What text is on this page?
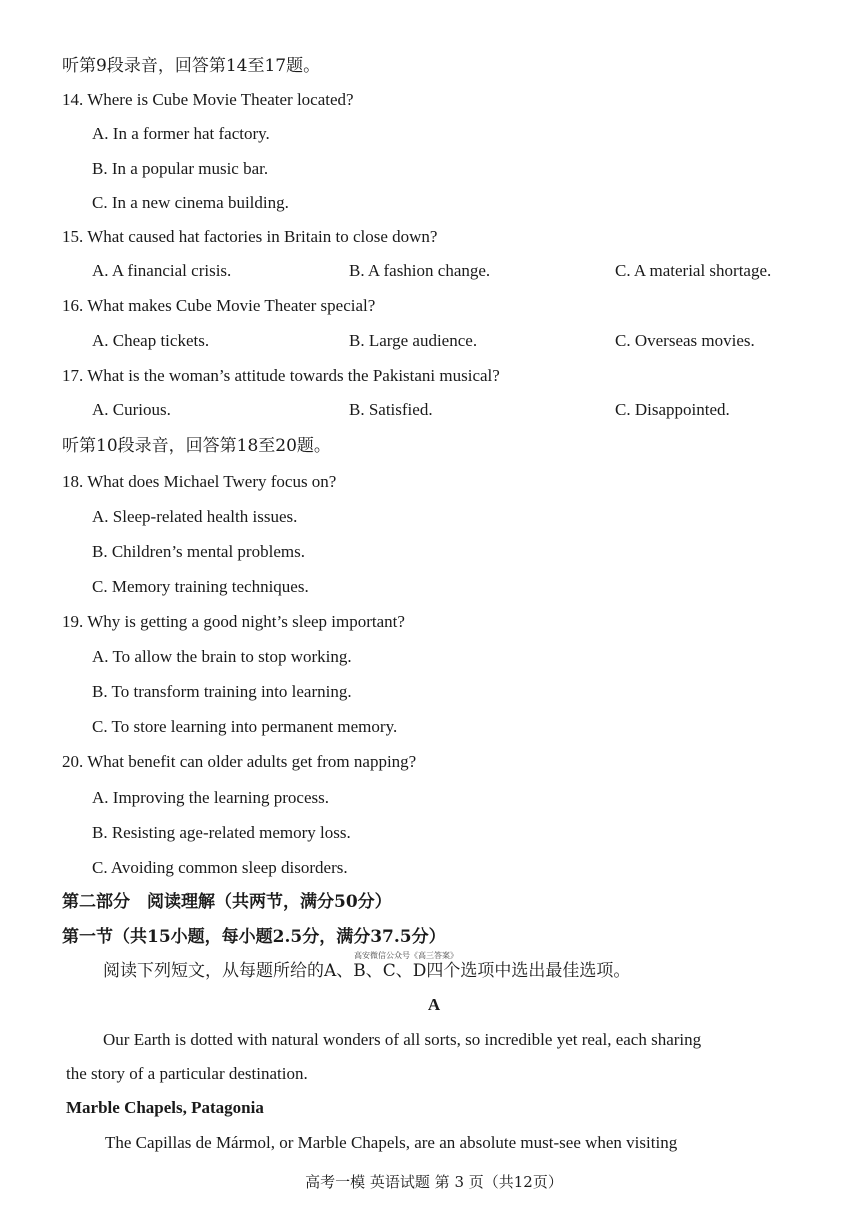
听第9段录音，回答第14至17题。
14. Where is Cube Movie Theater located?
A. In a former hat factory.
B. In a popular music bar.
C. In a new cinema building.
15. What caused hat factories in Britain to close down?
A. A financial crisis.	B. A fashion change.	C. A material shortage.
16. What makes Cube Movie Theater special?
A. Cheap tickets.	B. Large audience.	C. Overseas movies.
17. What is the woman’s attitude towards the Pakistani musical?
A. Curious.	B. Satisfied.	C. Disappointed.
听第10段录音，回答第18至20题。
18. What does Michael Twery focus on?
A. Sleep-related health issues.
B. Children’s mental problems.
C. Memory training techniques.
19. Why is getting a good night’s sleep important?
A. To allow the brain to stop working.
B. To transform training into learning.
C. To store learning into permanent memory.
20. What benefit can older adults get from napping?
A. Improving the learning process.
B. Resisting age-related memory loss.
C. Avoiding common sleep disorders.
第二部分　阅读理解（共两节，满分50分）
第一节（共15小题，每小题2.5分，满分37.5分）
高安微信公众号《高三答案》
阅读下列短文，从每题所给的A、B、C、D四个选项中选出最佳选项。
A
Our Earth is dotted with natural wonders of all sorts, so incredible yet real, each sharing
the story of a particular destination.
Marble Chapels, Patagonia
The Capillas de Mármol, or Marble Chapels, are an absolute must-see when visiting
高考一模 英语试题 第 3 页（共12页）
